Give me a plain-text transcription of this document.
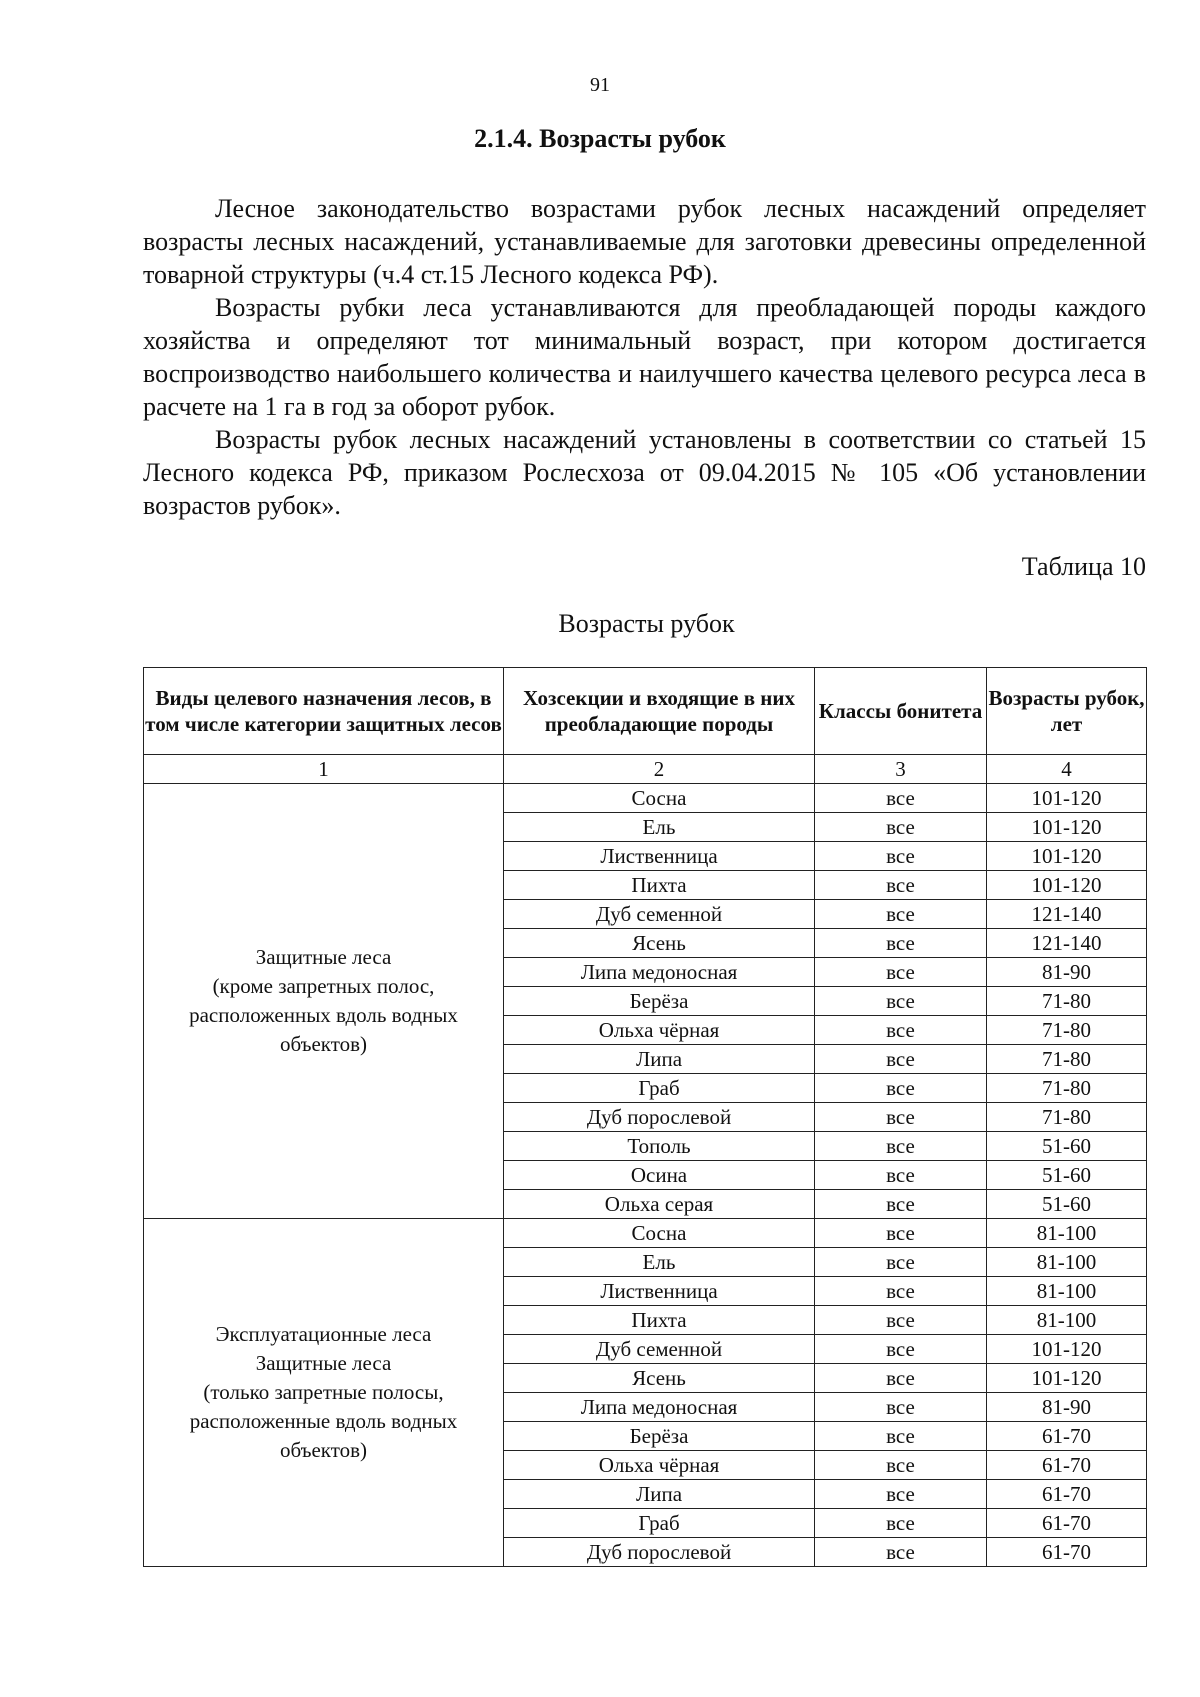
91
2.1.4. Возрасты рубок

Лесное законодательство возрастами рубок лесных насаждений определяет возрасты лесных насаждений, устанавливаемые для заготовки древесины определенной товарной структуры (ч.4 ст.15 Лесного кодекса РФ).

Возрасты рубки леса устанавливаются для преобладающей породы каждого хозяйства и определяют тот минимальный возраст, при котором достигается воспроизводство наибольшего количества и наилучшего качества целевого ресурса леса в расчете на 1 га в год за оборот рубок.

Возрасты рубок лесных насаждений установлены в соответствии со статьей 15 Лесного кодекса РФ, приказом Рослесхоза от 09.04.2015 № 105 «Об установлении возрастов рубок».

Таблица 10
Возрасты рубок
Виды целевого назначения лесов, в том числе категории защитных лесов	Хозсекции и входящие в них преобладающие породы	Классы бонитета	Возрасты рубок, лет
1	2	3	4

Защитные леса
(кроме запретных полос,
расположенных вдоль водных
объектов)	Сосна	все	101-120
	Ель	все	101-120
	Лиственница	все	101-120
	Пихта	все	101-120
	Дуб семенной	все	121-140
	Ясень	все	121-140
	Липа медоносная	все	81-90
	Берёза	все	71-80
	Ольха чёрная	все	71-80
	Липа	все	71-80
	Граб	все	71-80
	Дуб порослевой	все	71-80
	Тополь	все	51-60
	Осина	все	51-60
	Ольха серая	все	51-60

Эксплуатационные леса
Защитные леса
(только запретные полосы,
расположенные вдоль водных
объектов)	Сосна	все	81-100
	Ель	все	81-100
	Лиственница	все	81-100
	Пихта	все	81-100
	Дуб семенной	все	101-120
	Ясень	все	101-120
	Липа медоносная	все	81-90
	Берёза	все	61-70
	Ольха чёрная	все	61-70
	Липа	все	61-70
	Граб	все	61-70
	Дуб порослевой	все	61-70
